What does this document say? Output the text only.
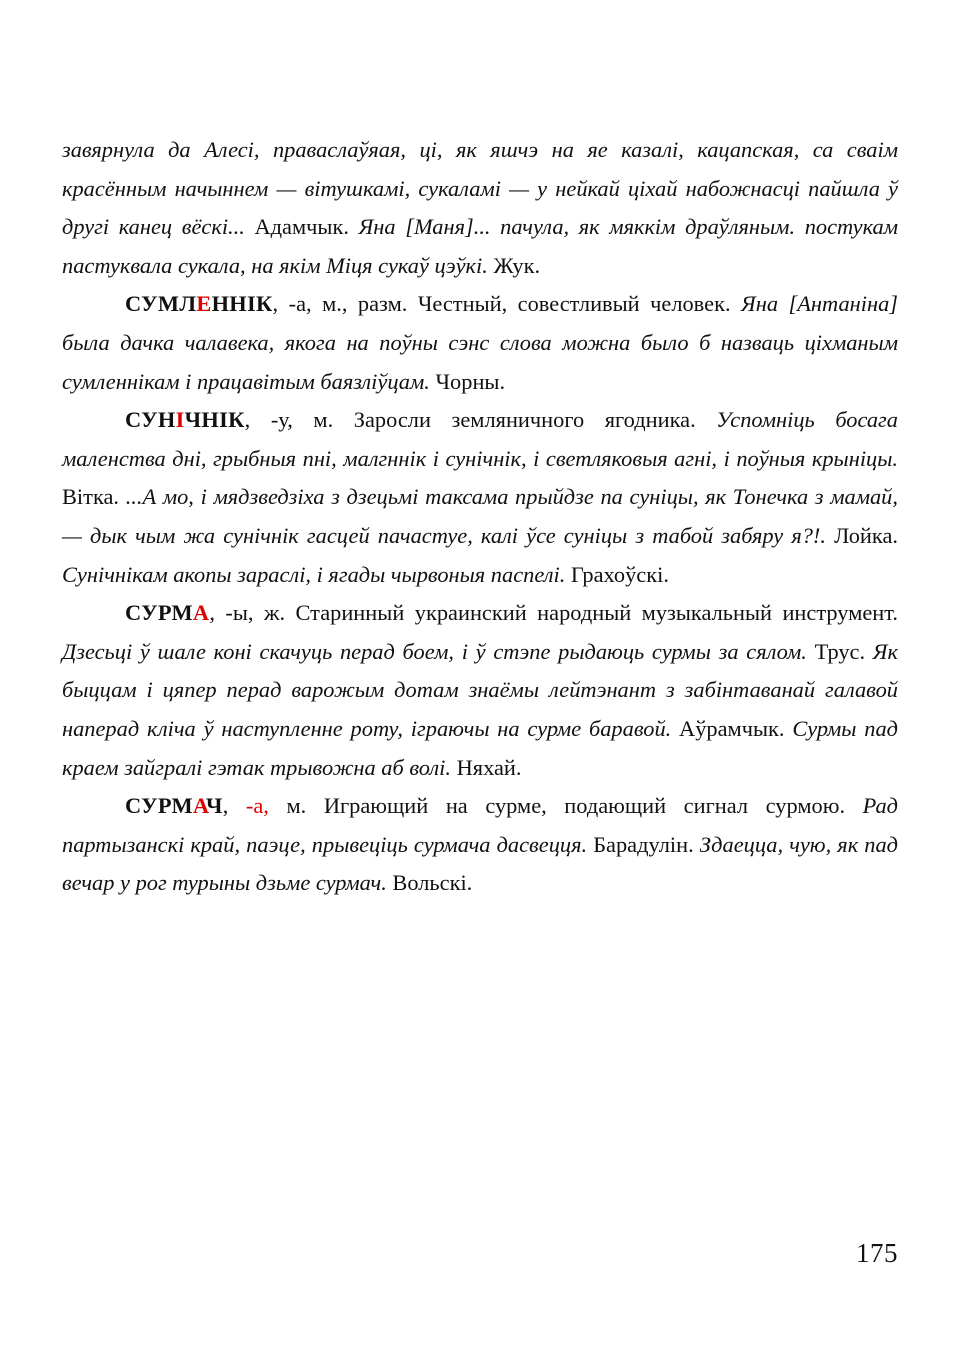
завярнула да Алесі, праваслаўяая, ці, як яшчэ на яе казалі, кацапская, са сваім красённым начыннем — вітушкамі, сукаламі — у нейкай ціхай набожнасці пайшла ў другі канец вёскі... Адамчык. Яна [Маня]... пачула, як мяккім драўляным. постукам пастуквала сукала, на якім Міця сукаў цэўкі. Жук.

СУМЛЕННІК, -а, м., разм. Честный, совестливый человек. Яна [Антаніна] была дачка чалавека, якога на поўны сэнс слова можна было б назваць ціхманым сумленнікам і працавітым баязліўцам. Чорны.

СУНІЧНІК, -у, м. Заросли земляничного ягодника. Успомніць босага маленства дні, грыбныя пні, малгннік і сунічнік, і светляковыя агні, і поўныя крыніцы. Вітка. ...А мо, і мядзведзіха з дзецьмі таксама прыйдзе па суніцы, як Тонечка з мамай, — дык чым жа сунічнік гасцей пачастуе, калі ўсе суніцы з табой забяру я?!. Лойка. Сунічнікам акопы зараслі, і ягады чырвоныя паспелі. Грахоўскі.

СУРМА, -ы, ж. Старинный украинский народный музыкальный инструмент. Дзесьці ў шале коні скачуць перад боем, і ў стэпе рыдаюць сурмы за сялом. Трус. Як быццам і цяпер перад варожым дотам знаёмы лейтэнант з забінтаванай галавой наперад кліча ў наступленне роту, іграючы на сурме баравой. Аўрамчык. Сурмы пад краем зайгралі гэтак трывожна аб волі. Няхай.

СУРМАЧ, -а, м. Играющий на сурме, подающий сигнал сурмою. Рад партызанскі край, паэце, прывеціць сурмача дасвецця. Барадулін. Здаецца, чую, як пад вечар у рог турыны дзьме сурмач. Вольскі.

175
